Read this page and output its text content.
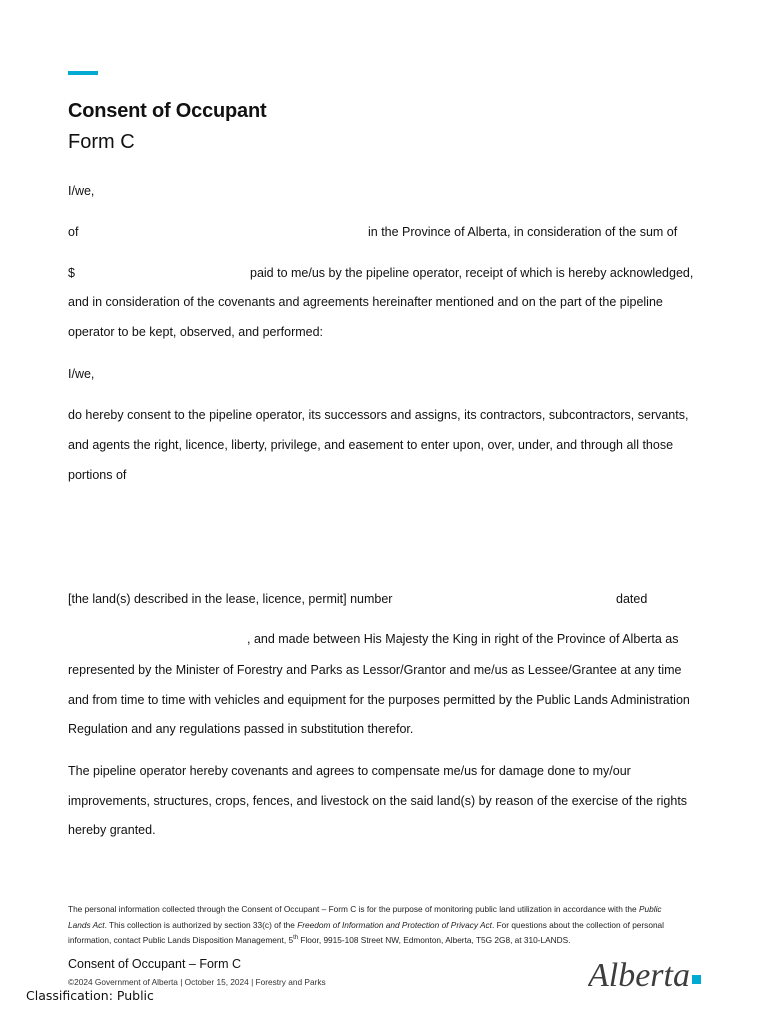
Consent of Occupant
Form C

I/we,

of	in the Province of Alberta, in consideration of the sum of

$	paid to me/us by the pipeline operator, receipt of which is hereby acknowledged,

and in consideration of the covenants and agreements hereinafter mentioned and on the part of the pipeline

operator to be kept, observed, and performed:

I/we,

do hereby consent to the pipeline operator, its successors and assigns, its contractors, subcontractors, servants,

and agents the right, licence, liberty, privilege, and easement to enter upon, over, under, and through all those

portions of

[the land(s) described in the lease, licence, permit] number	dated

, and made between His Majesty the King in right of the Province of Alberta as

represented by the Minister of Forestry and Parks as Lessor/Grantor and me/us as Lessee/Grantee at any time

and from time to time with vehicles and equipment for the purposes permitted by the Public Lands Administration

Regulation and any regulations passed in substitution therefor.

The pipeline operator hereby covenants and agrees to compensate me/us for damage done to my/our

improvements, structures, crops, fences, and livestock on the said land(s) by reason of the exercise of the rights

hereby granted.

The personal information collected through the Consent of Occupant – Form C is for the purpose of monitoring public land utilization in accordance with the Public

Lands Act. This collection is authorized by section 33(c) of the Freedom of Information and Protection of Privacy Act. For questions about the collection of personal

information, contact Public Lands Disposition Management, 5th Floor, 9915-108 Street NW, Edmonton, Alberta, T5G 2G8, at 310-LANDS.

Consent of Occupant – Form C

©2024 Government of Alberta | October 15, 2024 | Forestry and Parks

Classification: Public

Alberta
